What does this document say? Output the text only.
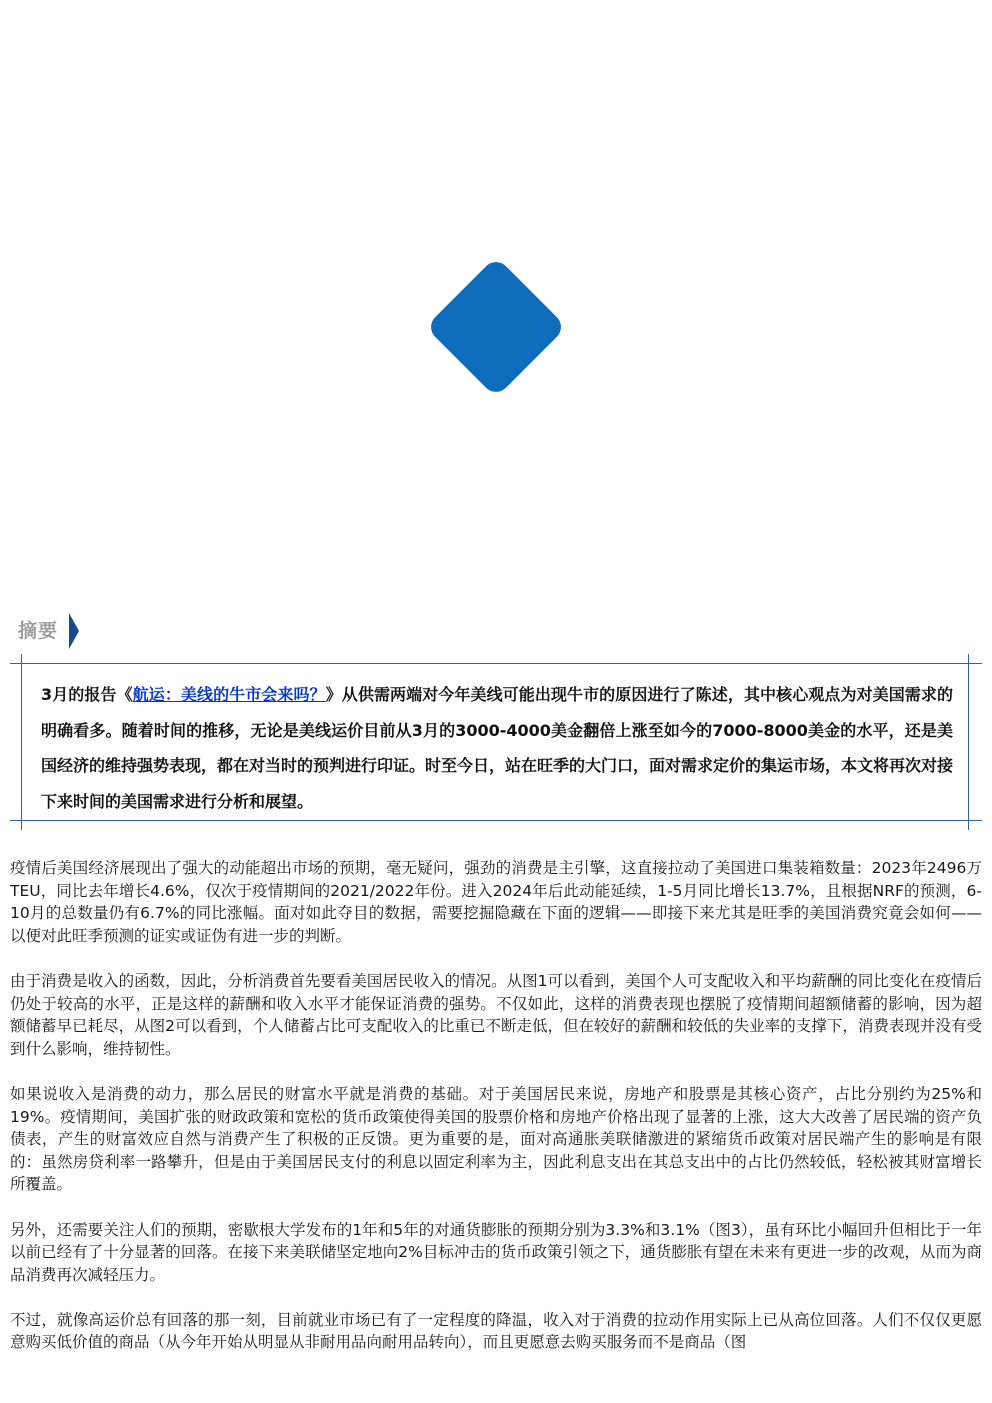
摘要
3月的报告《航运：美线的牛市会来吗？》从供需两端对今年美线可能出现牛市的原因进行了陈述，其中核心观点为对美国需求的明确看多。随着时间的推移，无论是美线运价目前从3月的3000-4000美金翻倍上涨至如今的7000-8000美金的水平，还是美国经济的维持强势表现，都在对当时的预判进行印证。时至今日，站在旺季的大门口，面对需求定价的集运市场，本文将再次对接下来时间的美国需求进行分析和展望。

疫情后美国经济展现出了强大的动能超出市场的预期，毫无疑问，强劲的消费是主引擎，这直接拉动了美国进口集装箱数量：2023年2496万TEU，同比去年增长4.6%，仅次于疫情期间的2021/2022年份。进入2024年后此动能延续，1-5月同比增长13.7%，且根据NRF的预测，6-10月的总数量仍有6.7%的同比涨幅。面对如此夺目的数据，需要挖掘隐藏在下面的逻辑——即接下来尤其是旺季的美国消费究竟会如何——以便对此旺季预测的证实或证伪有进一步的判断。

由于消费是收入的函数，因此，分析消费首先要看美国居民收入的情况。从图1可以看到，美国个人可支配收入和平均薪酬的同比变化在疫情后仍处于较高的水平，正是这样的薪酬和收入水平才能保证消费的强势。不仅如此，这样的消费表现也摆脱了疫情期间超额储蓄的影响，因为超额储蓄早已耗尽，从图2可以看到，个人储蓄占比可支配收入的比重已不断走低，但在较好的薪酬和较低的失业率的支撑下，消费表现并没有受到什么影响，维持韧性。

如果说收入是消费的动力，那么居民的财富水平就是消费的基础。对于美国居民来说，房地产和股票是其核心资产，占比分别约为25%和19%。疫情期间，美国扩张的财政政策和宽松的货币政策使得美国的股票价格和房地产价格出现了显著的上涨，这大大改善了居民端的资产负债表，产生的财富效应自然与消费产生了积极的正反馈。更为重要的是，面对高通胀美联储激进的紧缩货币政策对居民端产生的影响是有限的：虽然房贷利率一路攀升，但是由于美国居民支付的利息以固定利率为主，因此利息支出在其总支出中的占比仍然较低，轻松被其财富增长所覆盖。

另外，还需要关注人们的预期，密歇根大学发布的1年和5年的对通货膨胀的预期分别为3.3%和3.1%（图3），虽有环比小幅回升但相比于一年以前已经有了十分显著的回落。在接下来美联储坚定地向2%目标冲击的货币政策引领之下，通货膨胀有望在未来有更进一步的改观，从而为商品消费再次减轻压力。

不过，就像高运价总有回落的那一刻，目前就业市场已有了一定程度的降温，收入对于消费的拉动作用实际上已从高位回落。人们不仅仅更愿意购买低价值的商品（从今年开始从明显从非耐用品向耐用品转向），而且更愿意去购买服务而不是商品（图
